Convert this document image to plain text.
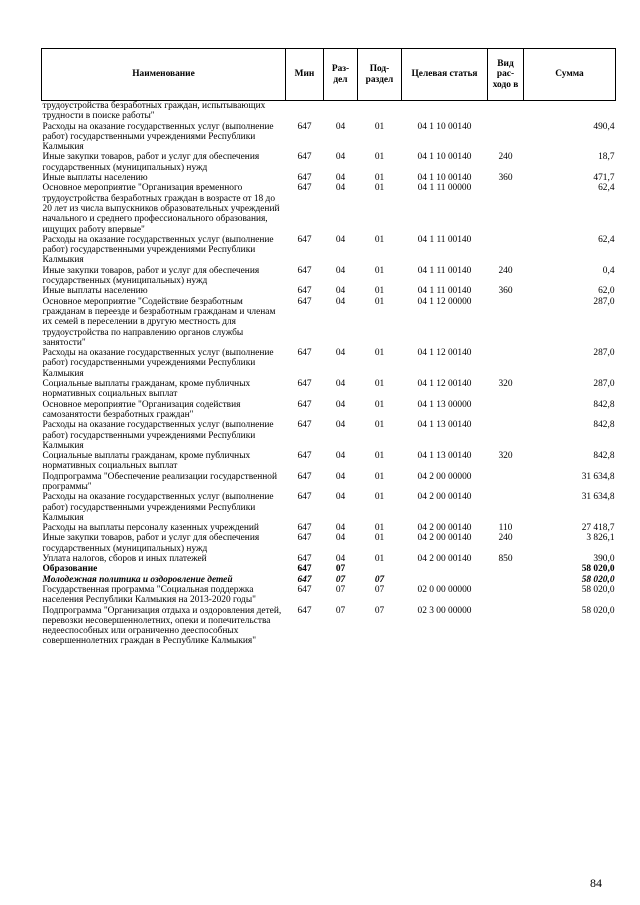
Наименование	Мин	Раз-дел	Под-раздел	Целевая статья	Вид рас-ходо в	Сумма
трудоустройства безработных граждан, испытывающих трудности в поиске работы"						
Расходы на оказание государственных услуг (выполнение работ) государственными учреждениями Республики Калмыкия	647	04	01	04 1 10 00140		490,4
Иные закупки товаров, работ и услуг для обеспечения государственных (муниципальных) нужд	647	04	01	04 1 10 00140	240	18,7
Иные выплаты населению	647	04	01	04 1 10 00140	360	471,7
Основное мероприятие "Организация временного трудоустройства безработных граждан в возрасте от 18 до 20 лет из числа выпускников образовательных учреждений начального и среднего профессионального образования, ищущих работу впервые"	647	04	01	04 1 11 00000		62,4
Расходы на оказание государственных услуг (выполнение работ) государственными учреждениями Республики Калмыкия	647	04	01	04 1 11 00140		62,4
Иные закупки товаров, работ и услуг для обеспечения государственных (муниципальных) нужд	647	04	01	04 1 11 00140	240	0,4
Иные выплаты населению	647	04	01	04 1 11 00140	360	62,0
Основное мероприятие "Содействие безработным гражданам в переезде и безработным гражданам и членам их семей в переселении в другую местность для трудоустройства по направлению органов службы занятости"	647	04	01	04 1 12 00000		287,0
Расходы на оказание государственных услуг (выполнение работ) государственными учреждениями Республики Калмыкия	647	04	01	04 1 12 00140		287,0
Социальные выплаты гражданам, кроме публичных нормативных социальных выплат	647	04	01	04 1 12 00140	320	287,0
Основное мероприятие "Организация содействия самозанятости безработных граждан"	647	04	01	04 1 13 00000		842,8
Расходы на оказание государственных услуг (выполнение работ) государственными учреждениями Республики Калмыкия	647	04	01	04 1 13 00140		842,8
Социальные выплаты гражданам, кроме публичных нормативных социальных выплат	647	04	01	04 1 13 00140	320	842,8
Подпрограмма "Обеспечение реализации государственной программы"	647	04	01	04 2 00 00000		31 634,8
Расходы на оказание государственных услуг (выполнение работ) государственными учреждениями Республики Калмыкия	647	04	01	04 2 00 00140		31 634,8
Расходы на выплаты персоналу казенных учреждений	647	04	01	04 2 00 00140	110	27 418,7
Иные закупки товаров, работ и услуг для обеспечения государственных (муниципальных) нужд	647	04	01	04 2 00 00140	240	3 826,1
Уплата налогов, сборов и иных платежей	647	04	01	04 2 00 00140	850	390,0
Образование	647	07				58 020,0
Молодежная политика и оздоровление детей	647	07	07			58 020,0
Государственная программа "Социальная поддержка населения Республики Калмыкия на 2013-2020 годы"	647	07	07	02 0 00 00000		58 020,0
Подпрограмма "Организация отдыха и оздоровления детей, перевозки несовершеннолетних, опеки и попечительства недееспособных или ограниченно дееспособных совершеннолетних граждан в Республике Калмыкия"	647	07	07	02 3 00 00000		58 020,0
84
